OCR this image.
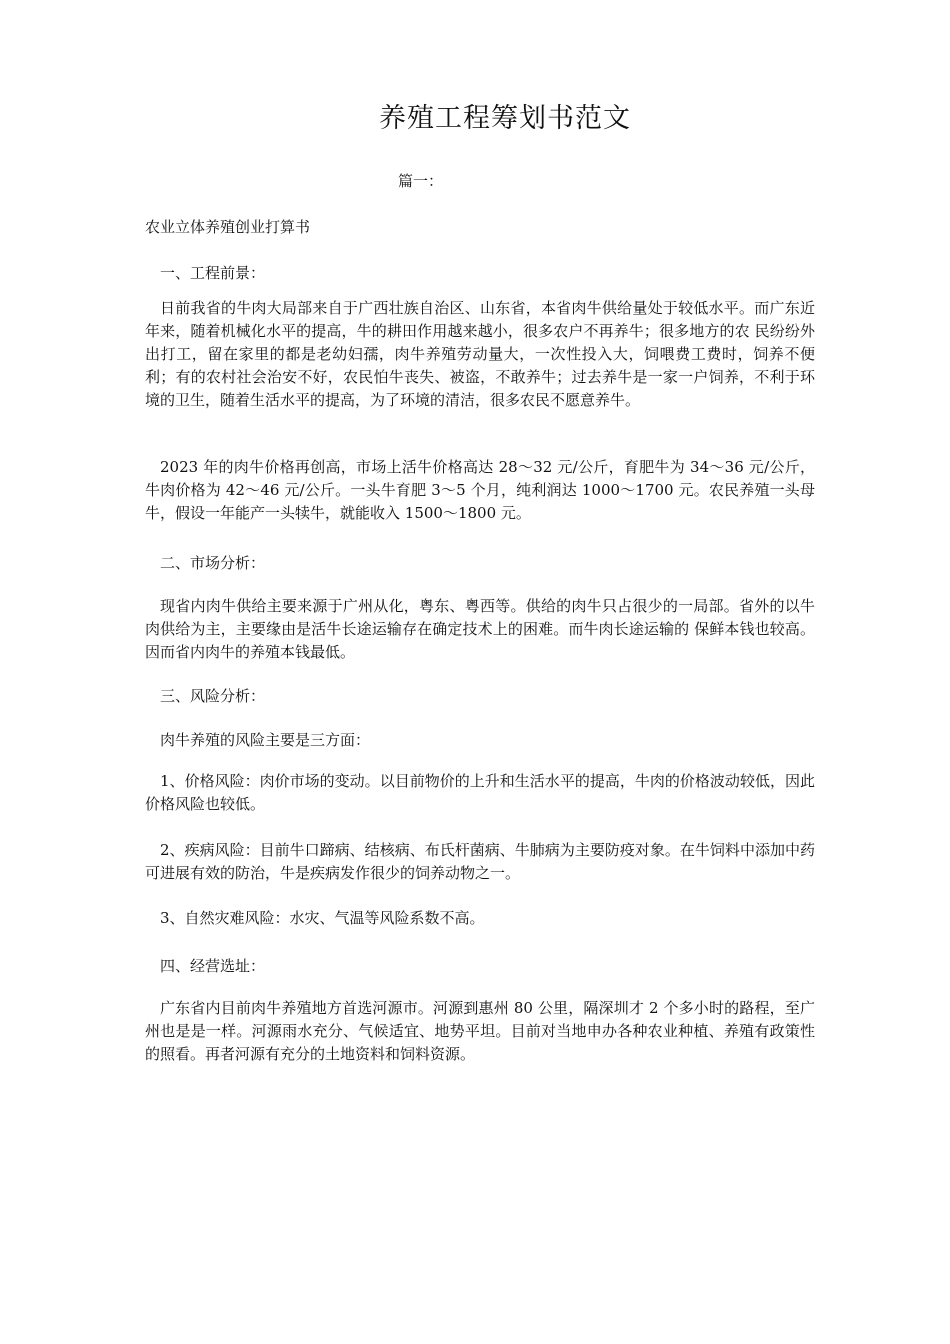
养殖工程筹划书范文
篇一：
农业立体养殖创业打算书
一、工程前景：

日前我省的牛肉大局部来自于广西壮族自治区、山东省，本省肉牛供给量处于较低水平。而广东近 年来，随着机械化水平的提高，牛的耕田作用越来越小，很多农户不再养牛；很多地方的农 民纷纷外出打工，留在家里的都是老幼妇孺，肉牛养殖劳动量大，一次性投入大，饲喂费工费时，饲养不便利；有的农村社会治安不好，农民怕牛丧失、被盗，不敢养牛；过去养牛是一家一户饲养，不利于环境的卫生，随着生活水平的提高，为了环境的清洁，很多农民不愿意养牛。

2023 年的肉牛价格再创高，市场上活牛价格高达 28～32 元/公斤，育肥牛为 34～36 元/公斤，牛肉价格为 42～46 元/公斤。一头牛育肥 3～5 个月，纯利润达 1000～1700 元。农民养殖一头母牛，假设一年能产一头犊牛，就能收入 1500～1800 元。

二、市场分析：

现省内肉牛供给主要来源于广州从化，粤东、粤西等。供给的肉牛只占很少的一局部。省外的以牛肉供给为主，主要缘由是活牛长途运输存在确定技术上的困难。而牛肉长途运输的 保鲜本钱也较高。因而省内肉牛的养殖本钱最低。

三、风险分析：
肉牛养殖的风险主要是三方面：

1、价格风险：肉价市场的变动。以目前物价的上升和生活水平的提高，牛肉的价格波动较低，因此价格风险也较低。

2、疾病风险：目前牛口蹄病、结核病、布氏杆菌病、牛肺病为主要防疫对象。在牛饲料中添加中药可进展有效的防治，牛是疾病发作很少的饲养动物之一。

3、自然灾难风险：水灾、气温等风险系数不高。
四、经营选址：

广东省内目前肉牛养殖地方首选河源市。河源到惠州 80 公里，隔深圳才 2 个多小时的路程，至广州也是是一样。河源雨水充分、气候适宜、地势平坦。目前对当地申办各种农业种植、养殖有政策性的照看。再者河源有充分的土地资料和饲料资源。
